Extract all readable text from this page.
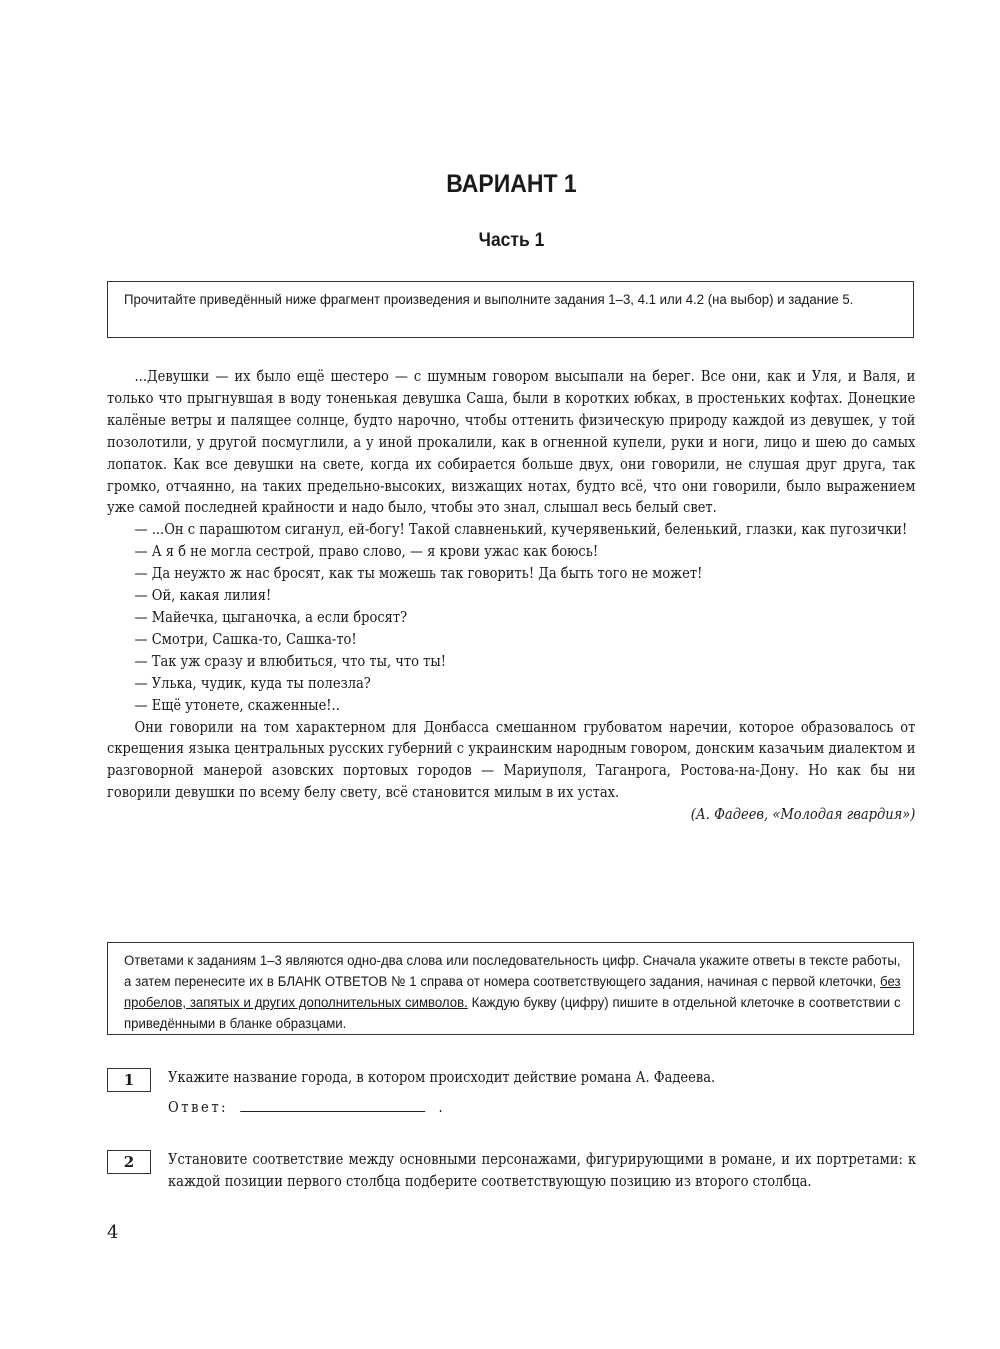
ВАРИАНТ 1
Часть 1
Прочитайте приведённый ниже фрагмент произведения и выполните задания 1–3, 4.1 или 4.2 (на выбор) и задание 5.

...Девушки — их было ещё шестеро — с шумным говором высыпали на берег. Все они, как и Уля, и Валя, и только что прыгнувшая в воду тоненькая девушка Саша, были в коротких юбках, в простеньких кофтах. Донецкие калёные ветры и палящее солнце, будто нарочно, чтобы оттенить физическую природу каждой из девушек, у той позолотили, у другой посмуглили, а у иной прокалили, как в огненной купели, руки и ноги, лицо и шею до самых лопаток. Как все девушки на свете, когда их собирается больше двух, они говорили, не слушая друг друга, так громко, отчаянно, на таких предельно-высоких, визжащих нотах, будто всё, что они говорили, было выражением уже самой последней крайности и надо было, чтобы это знал, слышал весь белый свет.

— ...Он с парашютом сиганул, ей-богу! Такой славненький, кучерявенький, беленький, глазки, как пугозички!

— А я б не могла сестрой, право слово, — я крови ужас как боюсь!

— Да неужто ж нас бросят, как ты можешь так говорить! Да быть того не может!

— Ой, какая лилия!

— Майечка, цыганочка, а если бросят?

— Смотри, Сашка-то, Сашка-то!

— Так уж сразу и влюбиться, что ты, что ты!

— Улька, чудик, куда ты полезла?

— Ещё утонете, скаженные!..

Они говорили на том характерном для Донбасса смешанном грубоватом наречии, которое образовалось от скрещения языка центральных русских губерний с украинским народным говором, донским казачьим диалектом и разговорной манерой азовских портовых городов — Мариуполя, Таганрога, Ростова-на-Дону. Но как бы ни говорили девушки по всему белу свету, всё становится милым в их устах.

(А. Фадеев, «Молодая гвардия»)

Ответами к заданиям 1–3 являются одно-два слова или последовательность цифр. Сначала укажите ответы в тексте работы, а затем перенесите их в БЛАНК ОТВЕТОВ № 1 справа от номера соответствующего задания, начиная с первой клеточки, без пробелов, запятых и других дополнительных символов. Каждую букву (цифру) пишите в отдельной клеточке в соответствии с приведёнными в бланке образцами.
1	Укажите название города, в котором происходит действие романа А. Фадеева.
Ответ:	.
2	Установите соответствие между основными персонажами, фигурирующими в романе, и их портретами: к каждой позиции первого столбца подберите соответствующую позицию из второго столбца.
4
